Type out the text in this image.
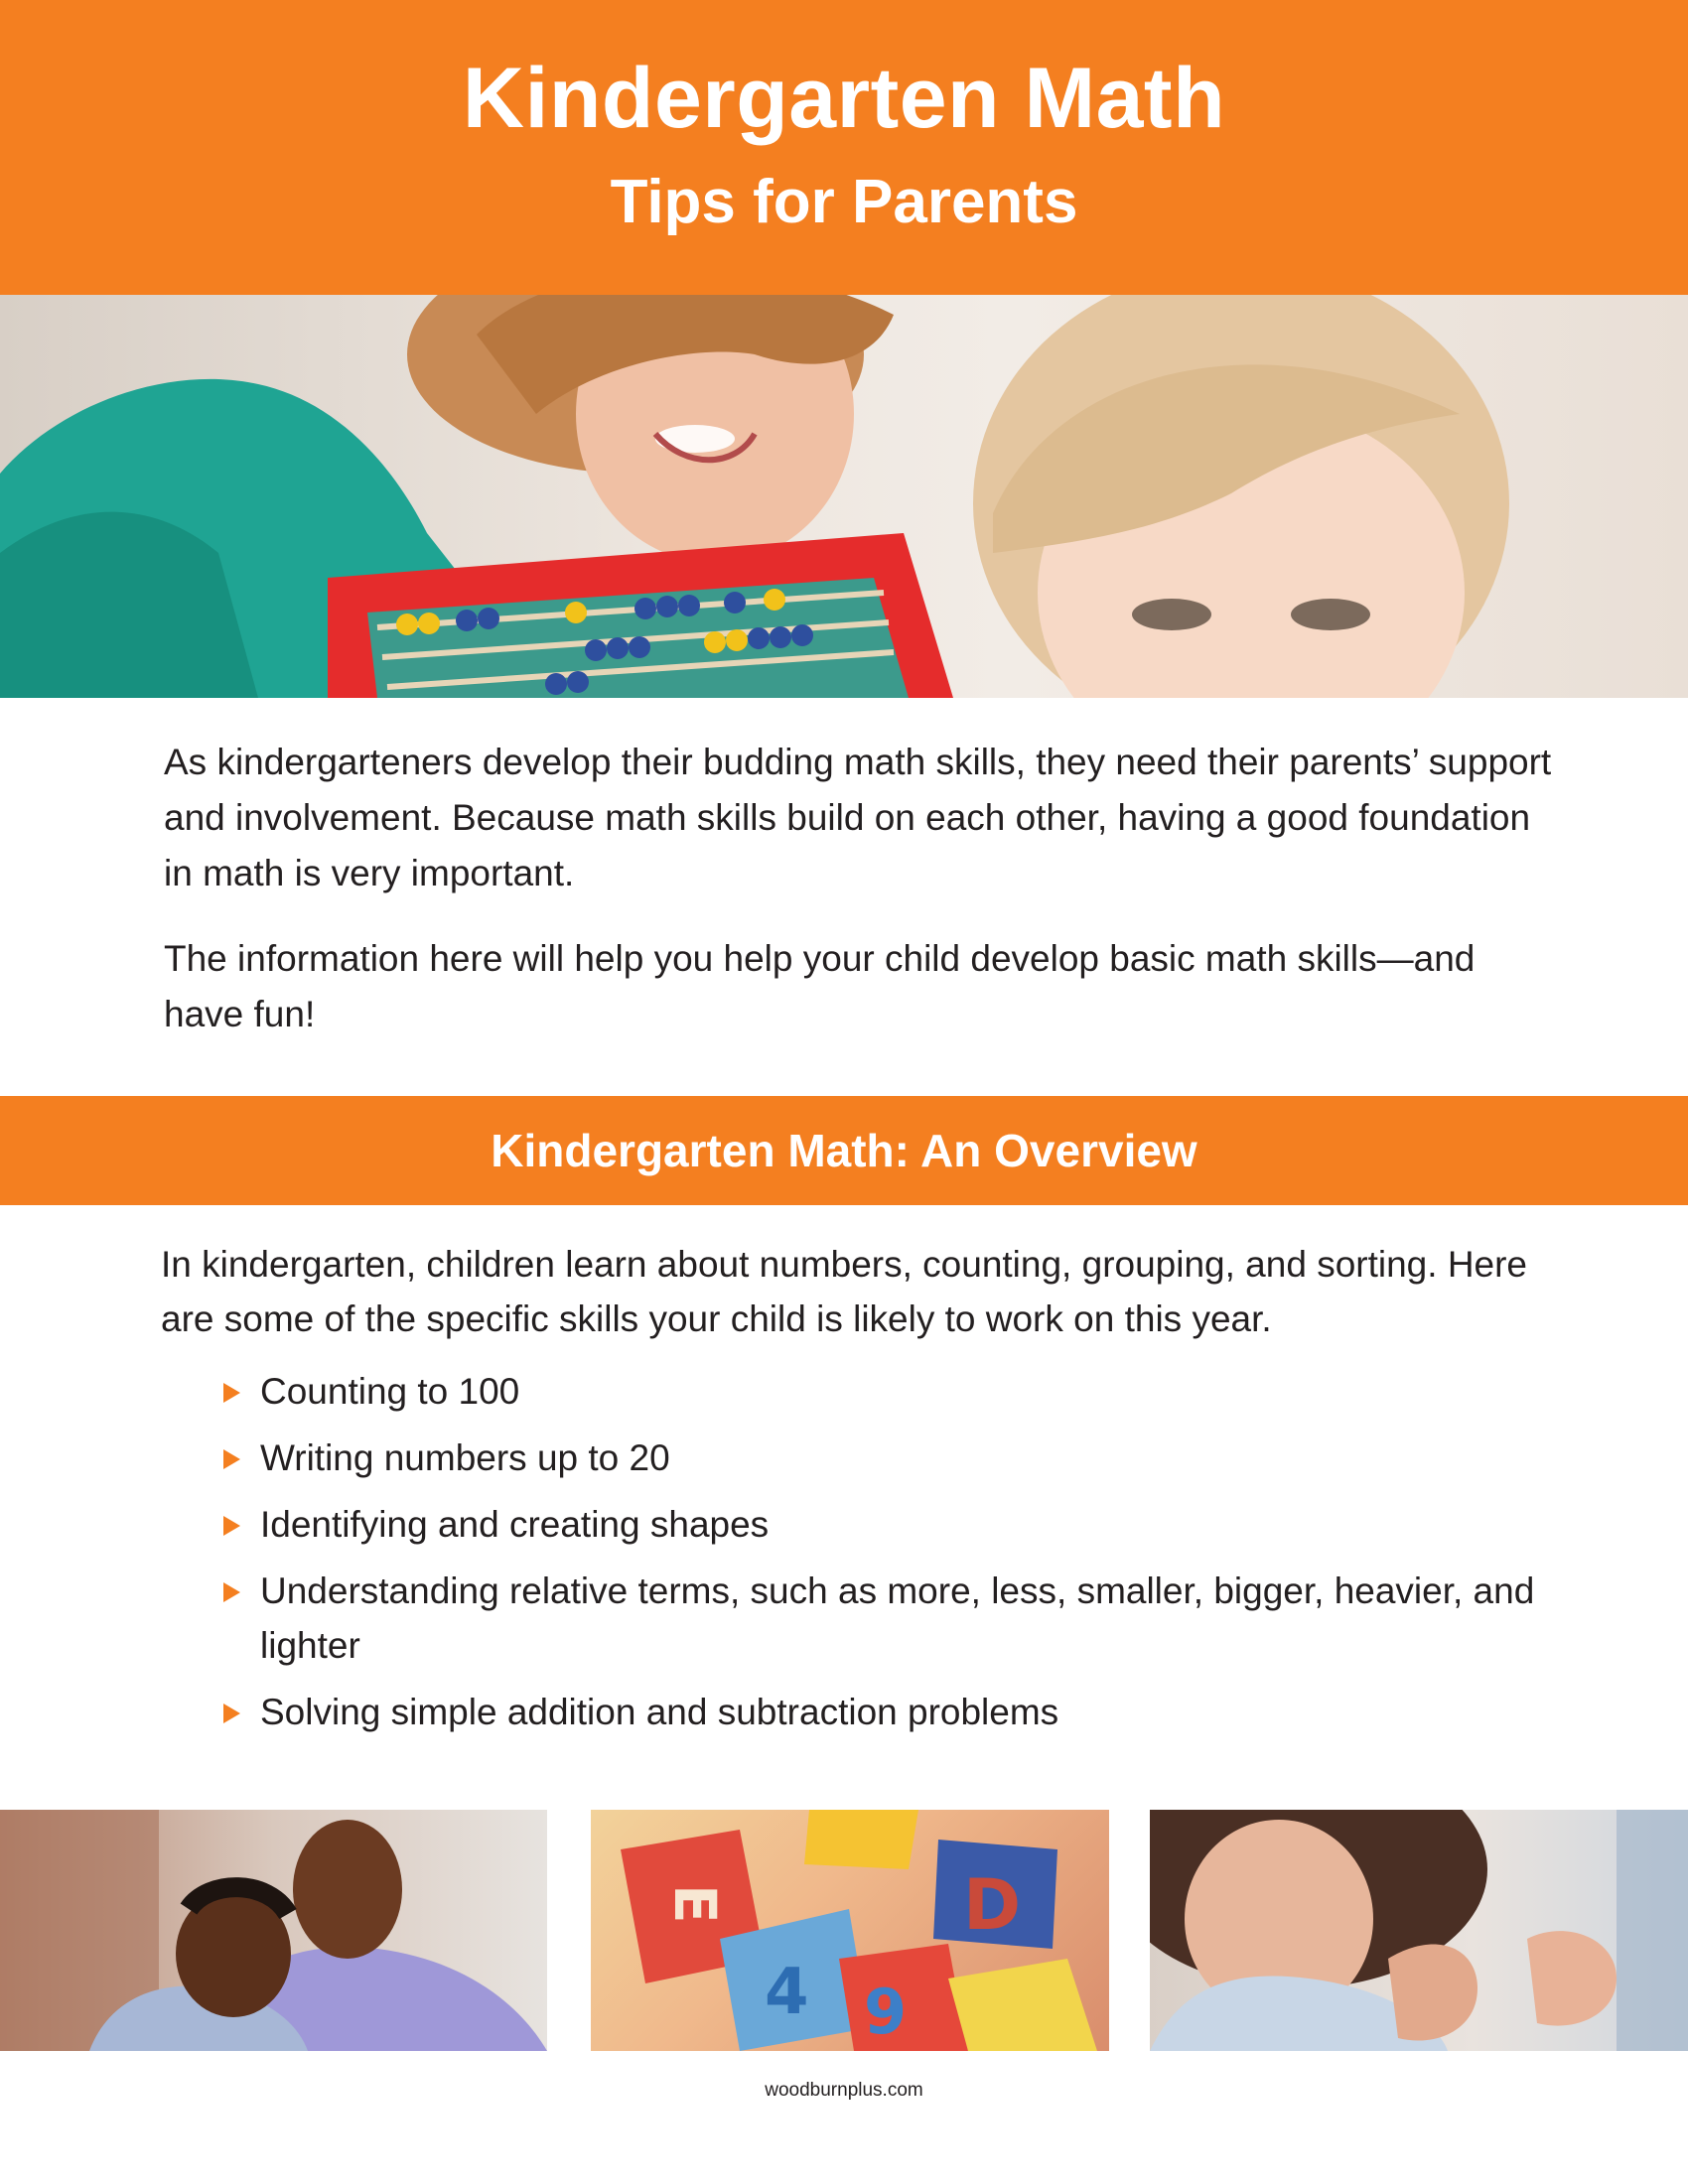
Kindergarten Math
Tips for Parents

As kindergarteners develop their budding math skills, they need their parents’ support and involvement. Because math skills build on each other, having a good foundation in math is very important.

The information here will help you help your child develop basic math skills—and have fun!

Kindergarten Math: An Overview

In kindergarten, children learn about numbers, counting, grouping, and sorting. Here are some of the specific skills your child is likely to work on this year.

Counting to 100
Writing numbers up to 20
Identifying and creating shapes
Understanding relative terms, such as more, less, smaller, bigger, heavier, and lighter
Solving simple addition and subtraction problems
E
4 9
D
woodburnplus.com
